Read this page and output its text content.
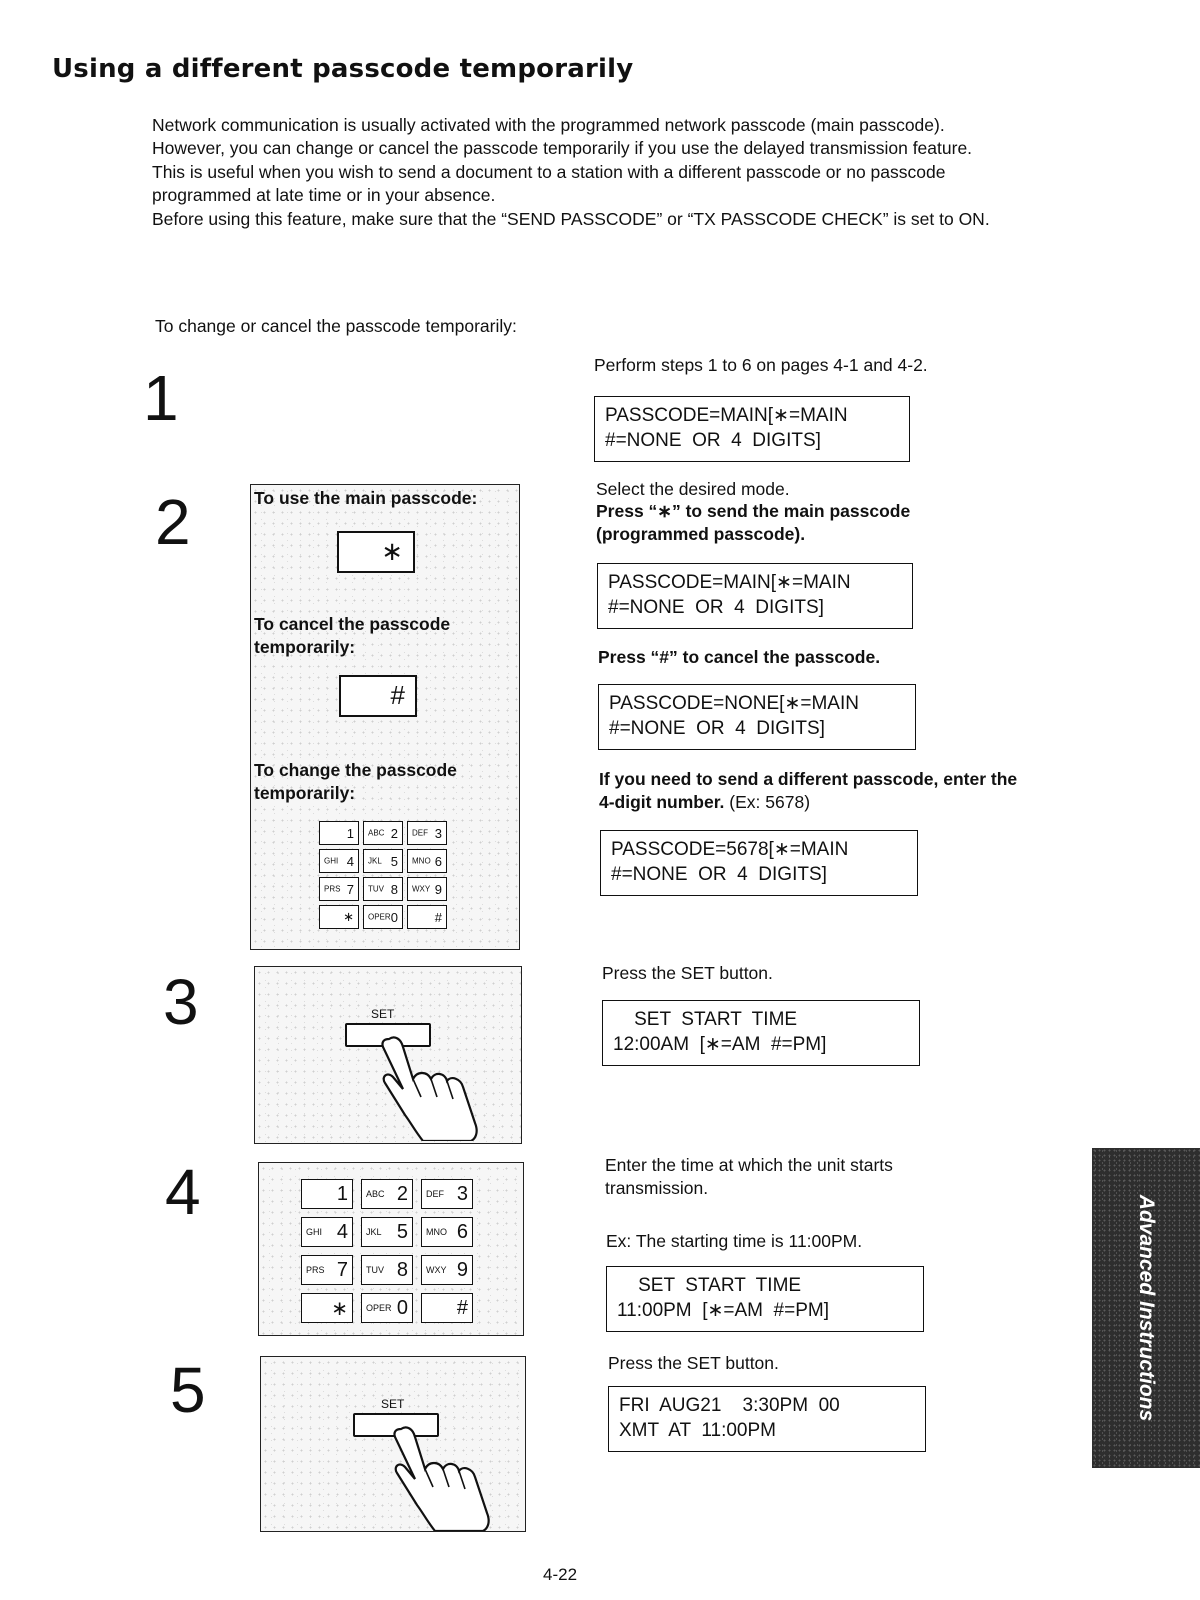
Using a different passcode temporarily

Network communication is usually activated with the programmed network passcode (main passcode). However, you can change or cancel the passcode temporarily if you use the delayed transmission feature.

This is useful when you wish to send a document to a station with a different passcode or no passcode programmed at late time or in your absence.

Before using this feature, make sure that the “SEND PASSCODE” or “TX PASSCODE CHECK” is set to ON.

To change or cancel the passcode temporarily:
1	Perform steps 1 to 6 on pages 4-1 and 4-2.
PASSCODE=MAIN[∗=MAIN
#=NONE  OR  4  DIGITS]
2	To use the main passcode:
∗
To cancel the passcode temporarily:
#
To change the passcode temporarily:
1 ABC 2 DEF 3
GHI 4 JKL 5 MNO 6
PRS 7 TUV 8 WXY 9
∗ OPER 0	#
Select the desired mode.
Press “∗” to send the main passcode (programmed passcode).
PASSCODE=MAIN[∗=MAIN
#=NONE  OR  4  DIGITS]
Press “#” to cancel the passcode.
PASSCODE=NONE[∗=MAIN
#=NONE  OR  4  DIGITS]
If you need to send a different passcode, enter the 4-digit number. (Ex: 5678)
PASSCODE=5678[∗=MAIN
#=NONE  OR  4  DIGITS]
3	SET
Press the SET button.
SET  START  TIME
12:00AM  [∗=AM  #=PM]
4	1 ABC 2 DEF 3
GHI 4 JKL 5 MNO 6
PRS 7 TUV 8 WXY 9
∗ OPER 0 #
Enter the time at which the unit starts transmission.
Ex: The starting time is 11:00PM.
SET  START  TIME
11:00PM  [∗=AM  #=PM]
5	SET
Press the SET button.
FRI  AUG21    3:30PM  00
XMT  AT  11:00PM
Advanced Instructions
4-22
